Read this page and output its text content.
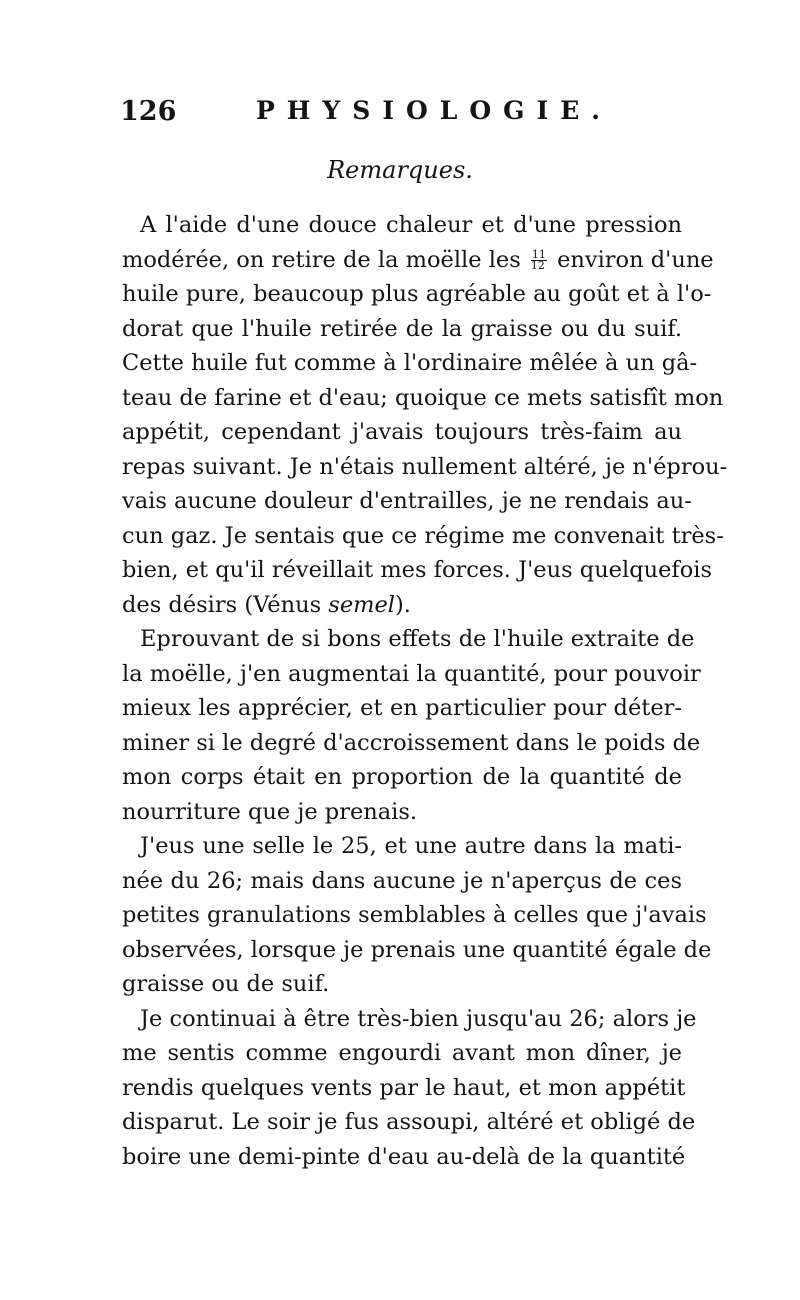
126	PHYSIOLOGIE.
Remarques.
A l'aide d'une douce chaleur et d'une pression
modérée, on retire de la moëlle les $\frac{11}{12}$ environ d'une
huile pure, beaucoup plus agréable au goût et à l'o-
dorat que l'huile retirée de la graisse ou du suif.
Cette huile fut comme à l'ordinaire mêlée à un gâ-
teau de farine et d'eau; quoique ce mets satisfît mon
appétit, cependant j'avais toujours très-faim au
repas suivant. Je n'étais nullement altéré, je n'éprou-
vais aucune douleur d'entrailles, je ne rendais au-
cun gaz. Je sentais que ce régime me convenait très-
bien, et qu'il réveillait mes forces. J'eus quelquefois
des désirs (Vénus semel).
Eprouvant de si bons effets de l'huile extraite de
la moëlle, j'en augmentai la quantité, pour pouvoir
mieux les apprécier, et en particulier pour déter-
miner si le degré d'accroissement dans le poids de
mon corps était en proportion de la quantité de
nourriture que je prenais.
J'eus une selle le 25, et une autre dans la mati-
née du 26; mais dans aucune je n'aperçus de ces
petites granulations semblables à celles que j'avais
observées, lorsque je prenais une quantité égale de
graisse ou de suif.
Je continuai à être très-bien jusqu'au 26; alors je
me sentis comme engourdi avant mon dîner, je
rendis quelques vents par le haut, et mon appétit
disparut. Le soir je fus assoupi, altéré et obligé de
boire une demi-pinte d'eau au-delà de la quantité
